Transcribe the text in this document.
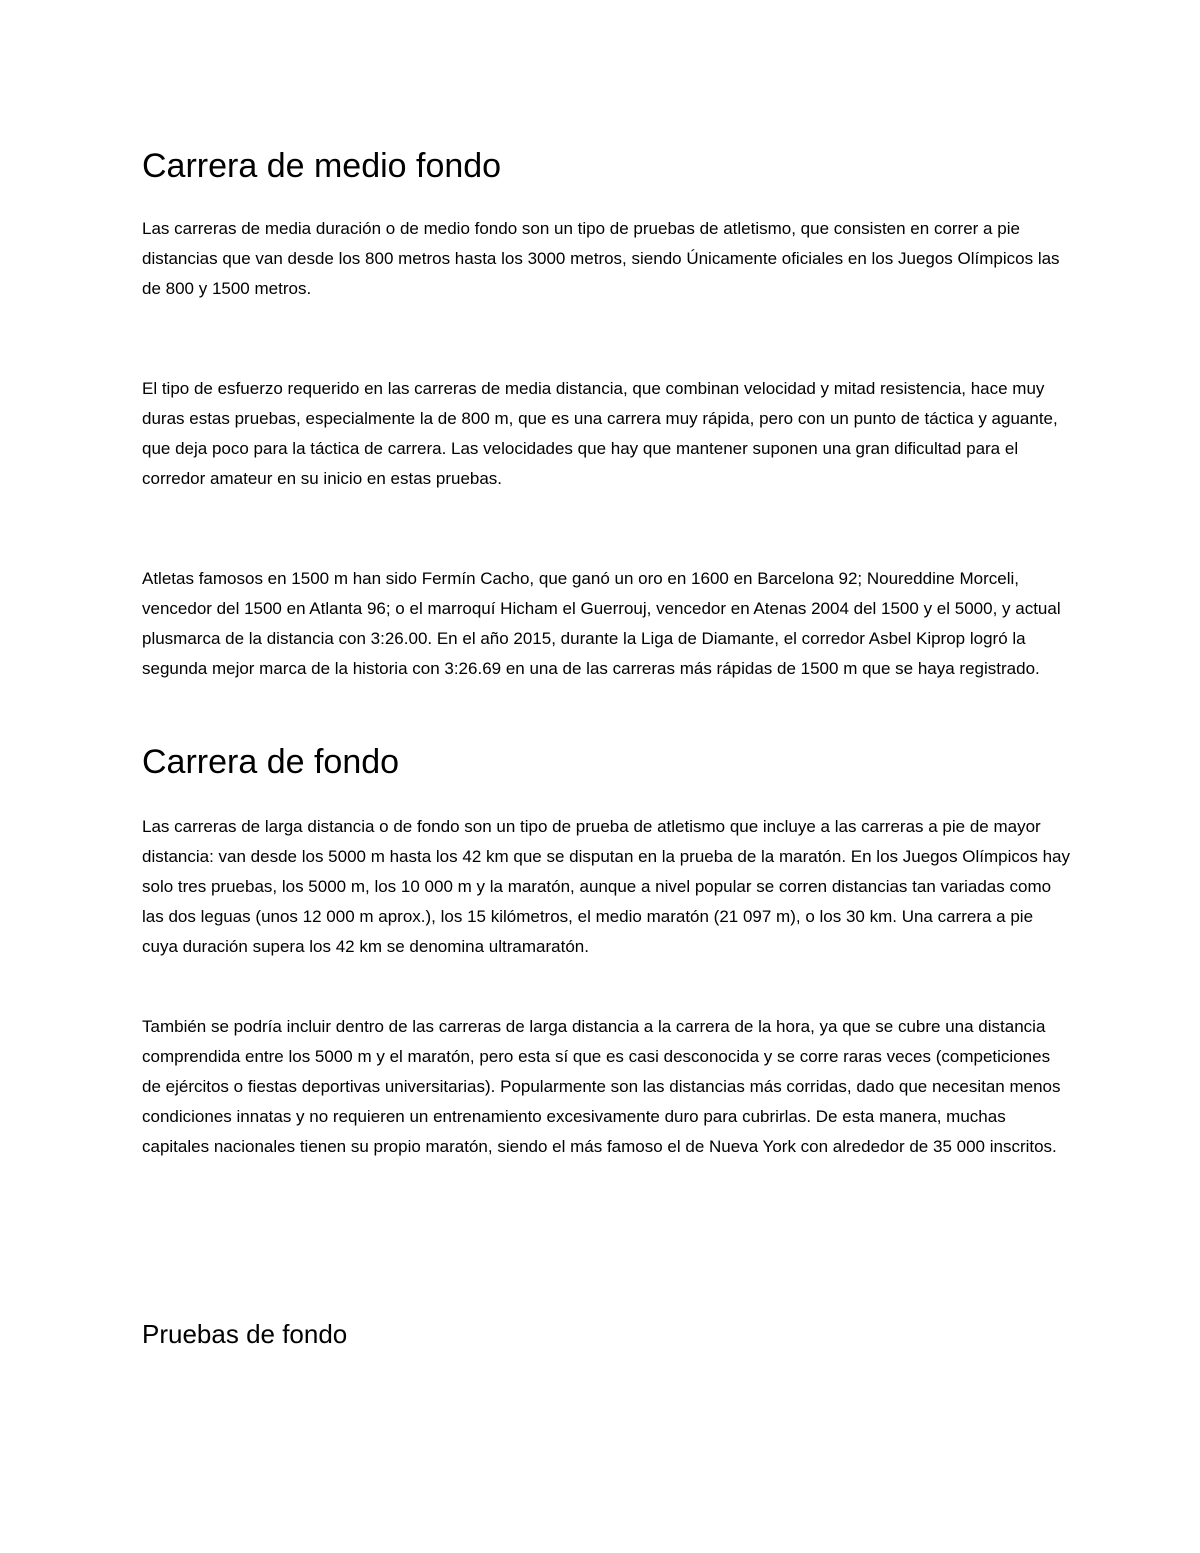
Carrera de medio fondo

Las carreras de media duración o de medio fondo son un tipo de pruebas de atletismo, que consisten en correr a pie distancias que van desde los 800 metros hasta los 3000 metros, siendo Únicamente oficiales en los Juegos Olímpicos las de 800 y 1500 metros.

El tipo de esfuerzo requerido en las carreras de media distancia, que combinan velocidad y mitad resistencia, hace muy duras estas pruebas, especialmente la de 800 m, que es una carrera muy rápida, pero con un punto de táctica y aguante, que deja poco para la táctica de carrera. Las velocidades que hay que mantener suponen una gran dificultad para el corredor amateur en su inicio en estas pruebas.

Atletas famosos en 1500 m han sido Fermín Cacho, que ganó un oro en 1600 en Barcelona 92; Noureddine Morceli, vencedor del 1500 en Atlanta 96; o el marroquí Hicham el Guerrouj, vencedor en Atenas 2004 del 1500 y el 5000, y actual plusmarca de la distancia con 3:26.00. En el año 2015, durante la Liga de Diamante, el corredor Asbel Kiprop logró la segunda mejor marca de la historia con 3:26.69 en una de las carreras más rápidas de 1500 m que se haya registrado.

Carrera de fondo

Las carreras de larga distancia o de fondo son un tipo de prueba de atletismo que incluye a las carreras a pie de mayor distancia: van desde los 5000 m hasta los 42 km que se disputan en la prueba de la maratón. En los Juegos Olímpicos hay solo tres pruebas, los 5000 m, los 10 000 m y la maratón, aunque a nivel popular se corren distancias tan variadas como las dos leguas (unos 12 000 m aprox.), los 15 kilómetros, el medio maratón (21 097 m), o los 30 km. Una carrera a pie cuya duración supera los 42 km se denomina ultramaratón.

También se podría incluir dentro de las carreras de larga distancia a la carrera de la hora, ya que se cubre una distancia comprendida entre los 5000 m y el maratón, pero esta sí que es casi desconocida y se corre raras veces (competiciones de ejércitos o fiestas deportivas universitarias). Popularmente son las distancias más corridas, dado que necesitan menos condiciones innatas y no requieren un entrenamiento excesivamente duro para cubrirlas. De esta manera, muchas capitales nacionales tienen su propio maratón, siendo el más famoso el de Nueva York con alrededor de 35 000 inscritos.

Pruebas de fondo
